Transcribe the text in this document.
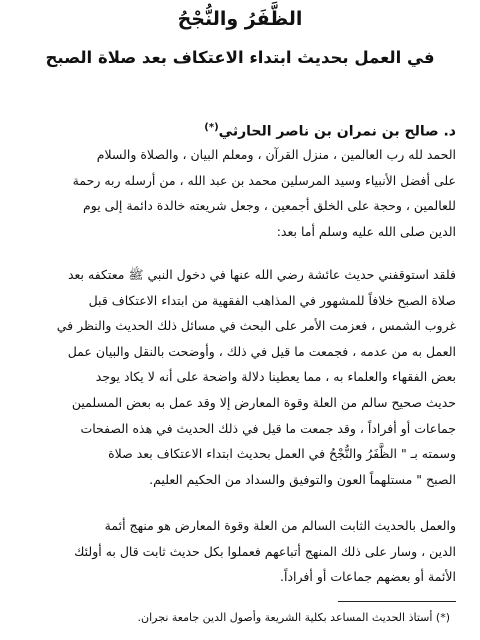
الظَّفَرُ والنُّجْحُ
في العمل بحديث ابتداء الاعتكاف بعد صلاة الصبح
د. صالح بن نمران بن ناصر الحارثي(*)
الحمد لله رب العالمين ، منزل القرآن ، ومعلم البيان ، والصلاة والسلام
على أفضل الأنبياء وسيد المرسلين محمد بن عبد الله ، من أرسله ربه رحمة
للعالمين ، وحجة على الخلق أجمعين ، وجعل شريعته خالدة دائمة إلى يوم
الدين صلى الله عليه وسلم أما بعد:
فلقد استوقفني حديث عائشة رضي الله عنها في دخول النبي ﷺ معتكفه بعد
صلاة الصبح خلافاً للمشهور في المذاهب الفقهية من ابتداء الاعتكاف قبل
غروب الشمس ، فعزمت الأمر على البحث في مسائل ذلك الحديث والنظر في
العمل به من عدمه ، فجمعت ما قيل في ذلك ، وأوضحت بالنقل والبيان عمل
بعض الفقهاء والعلماء به ، مما يعطينا دلالة واضحة على أنه لا يكاد يوجد
حديث صحيح سالم من العلة وقوة المعارض إلا وقد عمل به بعض المسلمين
جماعات أو أفراداً ، وقد جمعت ما قيل في ذلك الحديث في هذه الصفحات
وسمته بـ " الظَّفَرُ والنُّجْحُ في العمل بحديث ابتداء الاعتكاف بعد صلاة
الصبح " مستلهماً العون والتوفيق والسداد من الحكيم العليم.
والعمل بالحديث الثابت السالم من العلة وقوة المعارض هو منهج أئمة
الدين ، وسار على ذلك المنهج أتباعهم فعملوا بكل حديث ثابت قال به أولئك
الأئمة أو بعضهم جماعات أو أفراداً.
(*) أستاذ الحديث المساعد بكلية الشريعة وأصول الدين جامعة نجران.
